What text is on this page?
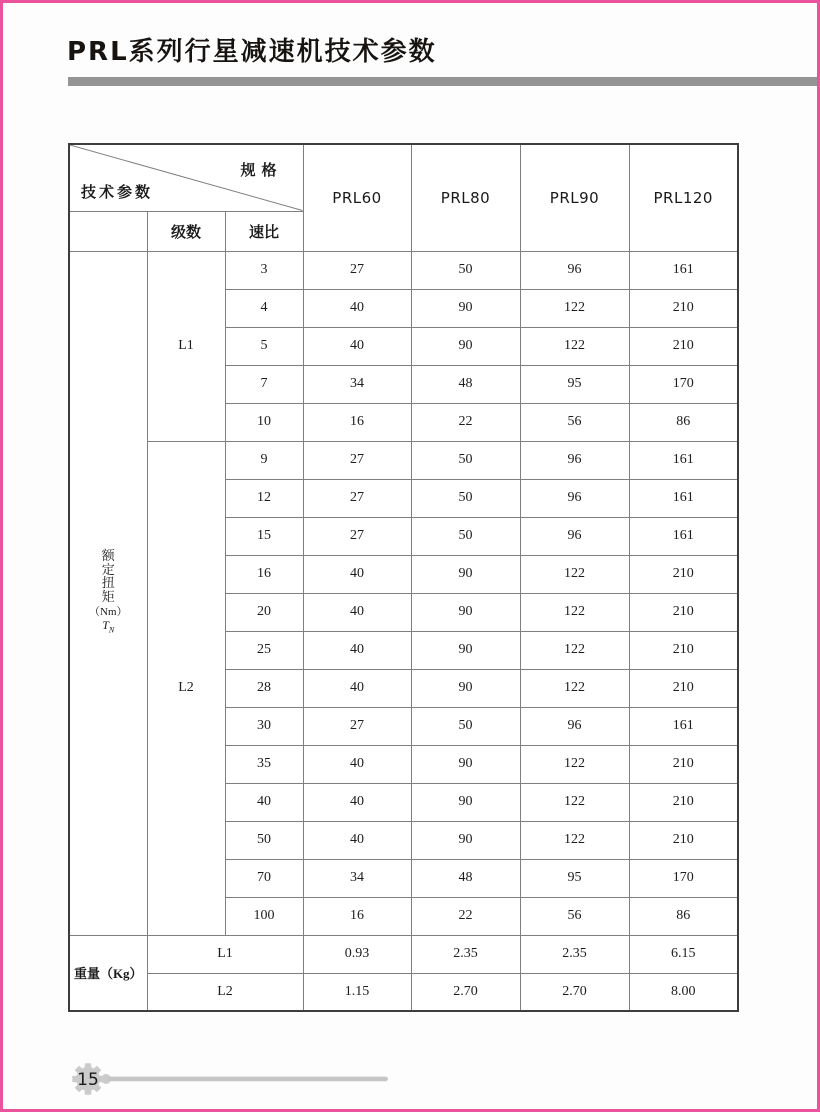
PRL系列行星减速机技术参数
规格
技术参数			PRL60	PRL80	PRL90	PRL120
	级数	速比				

额
定
扭
矩
（Nm）
$T_N$
	L1	3	27	50	96	161
		4	40	90	122	210
		5	40	90	122	210
		7	34	48	95	170
		10	16	22	56	86
	L2	9	27	50	96	161
		12	27	50	96	161
		15	27	50	96	161
		16	40	90	122	210
		20	40	90	122	210
		25	40	90	122	210
		28	40	90	122	210
		30	27	50	96	161
		35	40	90	122	210
		40	40	90	122	210
		50	40	90	122	210
		70	34	48	95	170
		100	16	22	56	86
重量（Kg）	L1		0.93	2.35	2.35	6.15
	L2		1.15	2.70	2.70	8.00
15
